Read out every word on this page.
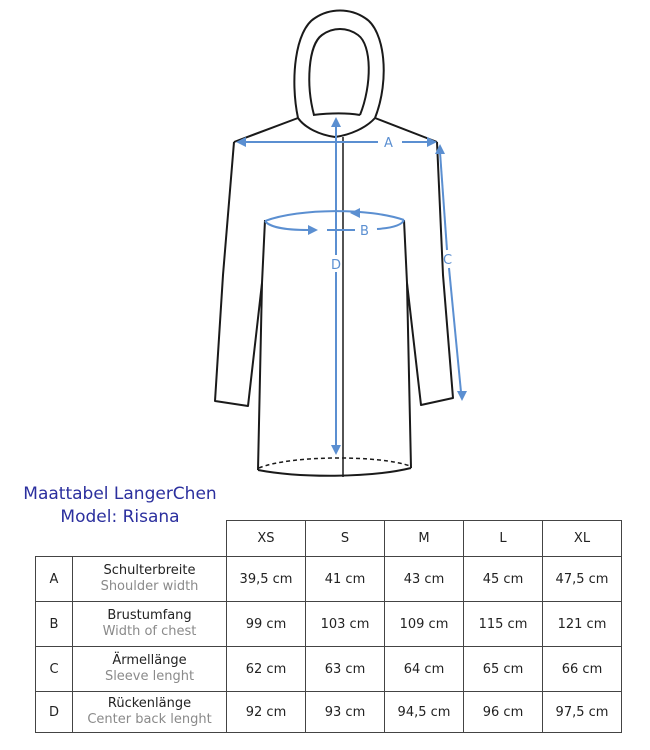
A
B
C
D
Maattabel LangerChen
Model: Risana
		XS	S	M	L	XL
A	Schulterbreite
Shoulder width	39,5 cm	41 cm	43 cm	45 cm	47,5 cm
B	Brustumfang
Width of chest	99 cm	103 cm	109 cm	115 cm	121 cm
C	Ärmellänge
Sleeve lenght	62 cm	63 cm	64 cm	65 cm	66 cm
D	Rückenlänge
Center back lenght	92 cm	93 cm	94,5 cm	96 cm	97,5 cm
